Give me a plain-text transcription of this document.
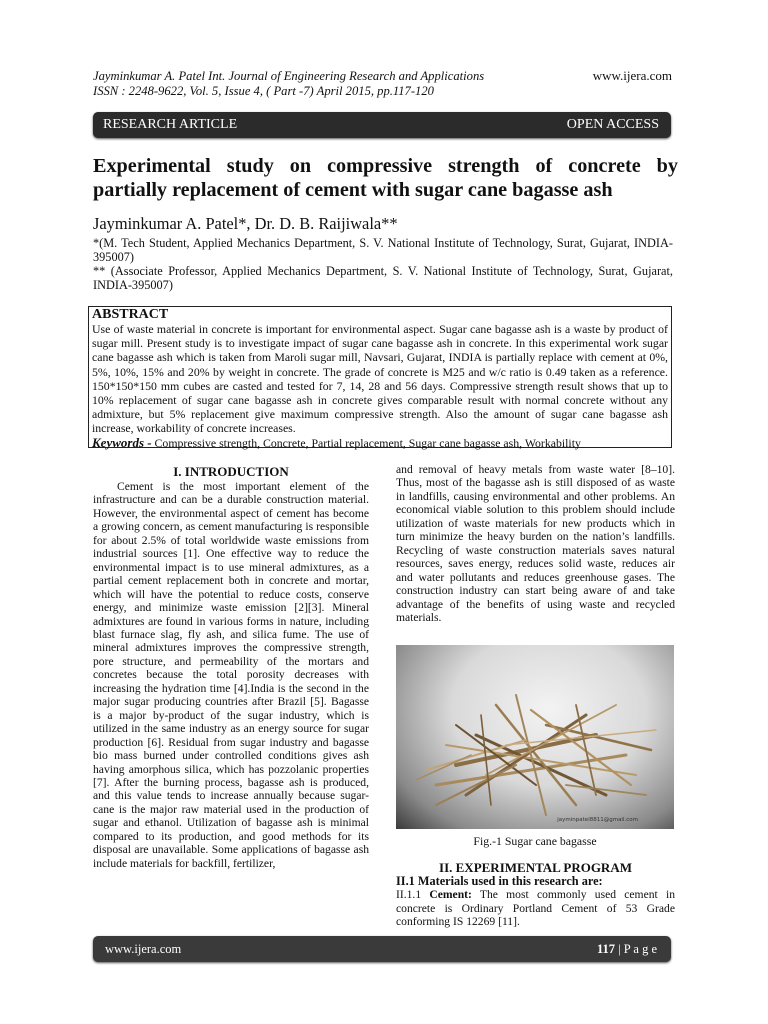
Jayminkumar A. Patel Int. Journal of Engineering Research and Applications
ISSN : 2248-9622, Vol. 5, Issue 4, ( Part -7) April 2015, pp.117-120
www.ijera.com
RESEARCH ARTICLE	OPEN ACCESS
Experimental study on compressive strength of concrete by partially replacement of cement with sugar cane bagasse ash
Jayminkumar A. Patel*, Dr. D. B. Raijiwala**
*(M. Tech Student, Applied Mechanics Department, S. V. National Institute of Technology, Surat, Gujarat, INDIA-395007)
** (Associate Professor, Applied Mechanics Department, S. V. National Institute of Technology, Surat, Gujarat, INDIA-395007)

ABSTRACT

Use of waste material in concrete is important for environmental aspect. Sugar cane bagasse ash is a waste by product of sugar mill. Present study is to investigate impact of sugar cane bagasse ash in concrete. In this experimental work sugar cane bagasse ash which is taken from Maroli sugar mill, Navsari, Gujarat, INDIA is partially replace with cement at 0%, 5%, 10%, 15% and 20% by weight in concrete. The grade of concrete is M25 and w/c ratio is 0.49 taken as a reference. 150*150*150 mm cubes are casted and tested for 7, 14, 28 and 56 days. Compressive strength result shows that up to 10% replacement of sugar cane bagasse ash in concrete gives comparable result with normal concrete without any admixture, but 5% replacement give maximum compressive strength. Also the amount of sugar cane bagasse ash increase, workability of concrete increases.

Keywords - Compressive strength, Concrete, Partial replacement, Sugar cane bagasse ash, Workability

I. INTRODUCTION

Cement is the most important element of the infrastructure and can be a durable construction material. However, the environmental aspect of cement has become a growing concern, as cement manufacturing is responsible for about 2.5% of total worldwide waste emissions from industrial sources [1]. One effective way to reduce the environmental impact is to use mineral admixtures, as a partial cement replacement both in concrete and mortar, which will have the potential to reduce costs, conserve energy, and minimize waste emission [2][3]. Mineral admixtures are found in various forms in nature, including blast furnace slag, fly ash, and silica fume. The use of mineral admixtures improves the compressive strength, pore structure, and permeability of the mortars and concretes because the total porosity decreases with increasing the hydration time [4].India is the second in the major sugar producing countries after Brazil [5]. Bagasse is a major by-product of the sugar industry, which is utilized in the same industry as an energy source for sugar production [6]. Residual from sugar industry and bagasse bio mass burned under controlled conditions gives ash having amorphous silica, which has pozzolanic properties [7]. After the burning process, bagasse ash is produced, and this value tends to increase annually because sugar- cane is the major raw material used in the production of sugar and ethanol. Utilization of bagasse ash is minimal compared to its production, and good methods for its disposal are unavailable. Some applications of bagasse ash include materials for backfill, fertilizer,

and removal of heavy metals from waste water [8–10]. Thus, most of the bagasse ash is still disposed of as waste in landfills, causing environmental and other problems. An economical viable solution to this problem should include utilization of waste materials for new products which in turn minimize the heavy burden on the nation’s landfills. Recycling of waste construction materials saves natural resources, saves energy, reduces solid waste, reduces air and water pollutants and reduces greenhouse gases. The construction industry can start being aware of and take advantage of the benefits of using waste and recycled materials.

jayminpatel8811@gmail.com
Fig.-1 Sugar cane bagasse

II. EXPERIMENTAL PROGRAM

II.1 Materials used in this research are:

II.1.1 Cement: The most commonly used cement in concrete is Ordinary Portland Cement of 53 Grade conforming IS 12269 [11].

www.ijera.com	117 | P a g e
